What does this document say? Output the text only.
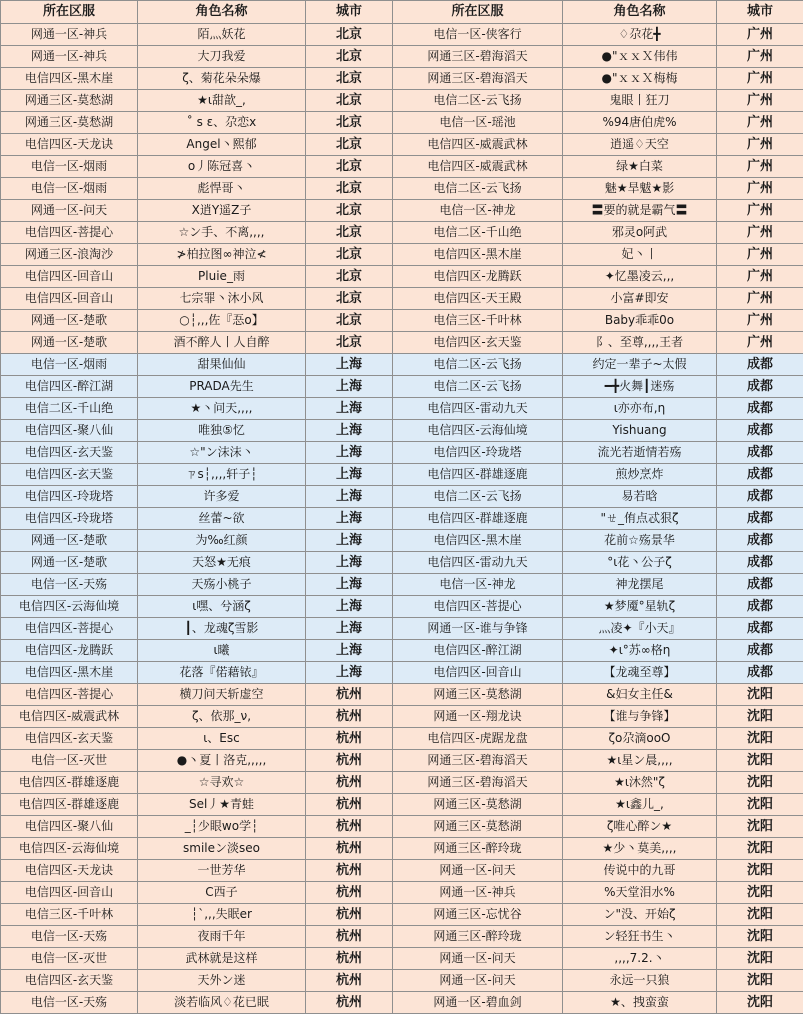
所在区服	角色名称	城市	所在区服	角色名称	城市
网通一区-神兵	陌灬妖花	北京	电信一区-侠客行	♢尕花╋	广州
网通一区-神兵	大刀我爱	北京	网通三区-碧海滔天	●"ｘｘＸ伟伟	广州
电信四区-黑木崖	ζ、菊花朵朵爆	北京	网通三区-碧海滔天	●"ｘｘＸ梅梅	广州
网通三区-莫愁湖	★ι甜歆_,	北京	电信二区-云飞扬	鬼眼丨狂刀	广州
网通三区-莫愁湖	˚ s ε、尕恋ⅹ	北京	电信一区-瑶池	%94唐伯虎%	广州
电信四区-天龙诀	Angel丶熙郁	北京	电信四区-威震武林	逍遥♢天空	广州
电信一区-烟雨	ο丿陈冠喜丶	北京	电信四区-威震武林	绿★白菜	广州
电信一区-烟雨	彪悍哥丶	北京	电信二区-云飞扬	魅★旱魃★影	广州
网通一区-问天	X逍Y遥Z子	北京	电信一区-神龙	〓要的就是霸气〓	广州
电信四区-菩提心	☆ン手、不离,,,,	北京	电信二区-千山绝	邪灵o阿武	广州
网通三区-浪淘沙	≯柏拉图∞神泣≮	北京	电信四区-黑木崖	妃丶丨	广州
电信四区-回音山	Pluie_雨	北京	电信四区-龙腾跃	✦忆墨凌云,,,	广州
电信四区-回音山	七宗罪丶沐小风	北京	电信四区-天王殿	小富#即安	广州
网通一区-楚歌	○┆,,,佐『忢o】	北京	电信三区-千叶林	Baby乖乖0o	广州
网通一区-楚歌	酒不醉人丨人自醉	北京	电信四区-玄天鉴	阝、至尊,,,,王者	广州
电信一区-烟雨	甜果仙仙	上海	电信二区-云飞扬	约定一辈子~太假	成都
电信四区-醉江湖	PRADA先生	上海	电信二区-云飞扬	━╋火舞┃迷殇	成都
电信二区-千山绝	★丶问天,,,,	上海	电信四区-雷动九天	ι亦亦布,η	成都
电信四区-聚八仙	唯独⑤忆	上海	电信四区-云海仙境	Yishuang	成都
电信四区-玄天鉴	☆"ン沫沫丶	上海	电信四区-玲珑塔	流光若逝情若殇	成都
电信四区-玄天鉴	ㄗs┆,,,,轩子┆	上海	电信四区-群雄逐鹿	煎炒烹炸	成都
电信四区-玲珑塔	许多爱	上海	电信二区-云飞扬	易若晗	成都
电信四区-玲珑塔	丝蕾~欲	上海	电信四区-群雄逐鹿	"ㄝ_侑点忒狠ζ	成都
网通一区-楚歌	为‰红颜	上海	电信四区-黑木崖	花前☆殇景华	成都
网通一区-楚歌	天怒★无痕	上海	电信四区-雷动九天	°ι花丶公子ζ	成都
电信一区-天殇	天殇小桃子	上海	电信一区-神龙	神龙摆尾	成都
电信四区-云海仙境	ι嘿、兮涵ζ	上海	电信四区-菩提心	★梦魇°星轨ζ	成都
电信四区-菩提心	┃、龙魂ζ雪影	上海	网通一区-谁与争锋	灬凌✦『小天』	成都
电信四区-龙腾跃	ι曦	上海	电信四区-醉江湖	✦ι°苏∞格η	成都
电信四区-黑木崖	花落『偌藉铱』	上海	电信四区-回音山	【龙魂至尊】	成都
电信四区-菩提心	横刀问天斩虚空	杭州	网通三区-莫愁湖	&妇女主任&	沈阳
电信四区-威震武林	ζ、依那_ν,	杭州	网通一区-翔龙诀	【谁与争锋】	沈阳
电信四区-玄天鉴	ι、Esc	杭州	电信四区-虎踞龙盘	ζo尕滴ooO	沈阳
电信一区-灭世	●丶夏丨洛克,,,,,	杭州	网通三区-碧海滔天	★ι星ン晨,,,,	沈阳
电信四区-群雄逐鹿	☆寻欢☆	杭州	网通三区-碧海滔天	★ι沐然"ζ	沈阳
电信四区-群雄逐鹿	Sel丿★青蛙	杭州	网通三区-莫愁湖	★ι鑫儿_,	沈阳
电信四区-聚八仙	_┆少眼wo学┆	杭州	网通三区-莫愁湖	ζ唯心醉ン★	沈阳
电信四区-云海仙境	smileン淡seo	杭州	网通三区-醉玲珑	★少丶莫美,,,,	沈阳
电信四区-天龙诀	一世芳华	杭州	网通一区-问天	传说中的九哥	沈阳
电信四区-回音山	C西子	杭州	网通一区-神兵	%天堂泪水%	沈阳
电信三区-千叶林	┆`,,,失眠er	杭州	网通三区-忘忧谷	ン"没、开始ζ	沈阳
电信一区-天殇	夜雨千年	杭州	网通三区-醉玲珑	ン轻狂书生丶	沈阳
电信一区-灭世	武林就是这样	杭州	网通一区-问天	,,,,7.2.丶	沈阳
电信四区-玄天鉴	天外ン迷	杭州	网通一区-问天	永远一只狼	沈阳
电信一区-天殇	淡若临风♢花已眠	杭州	网通一区-碧血剑	★、拽蛮蛮	沈阳
